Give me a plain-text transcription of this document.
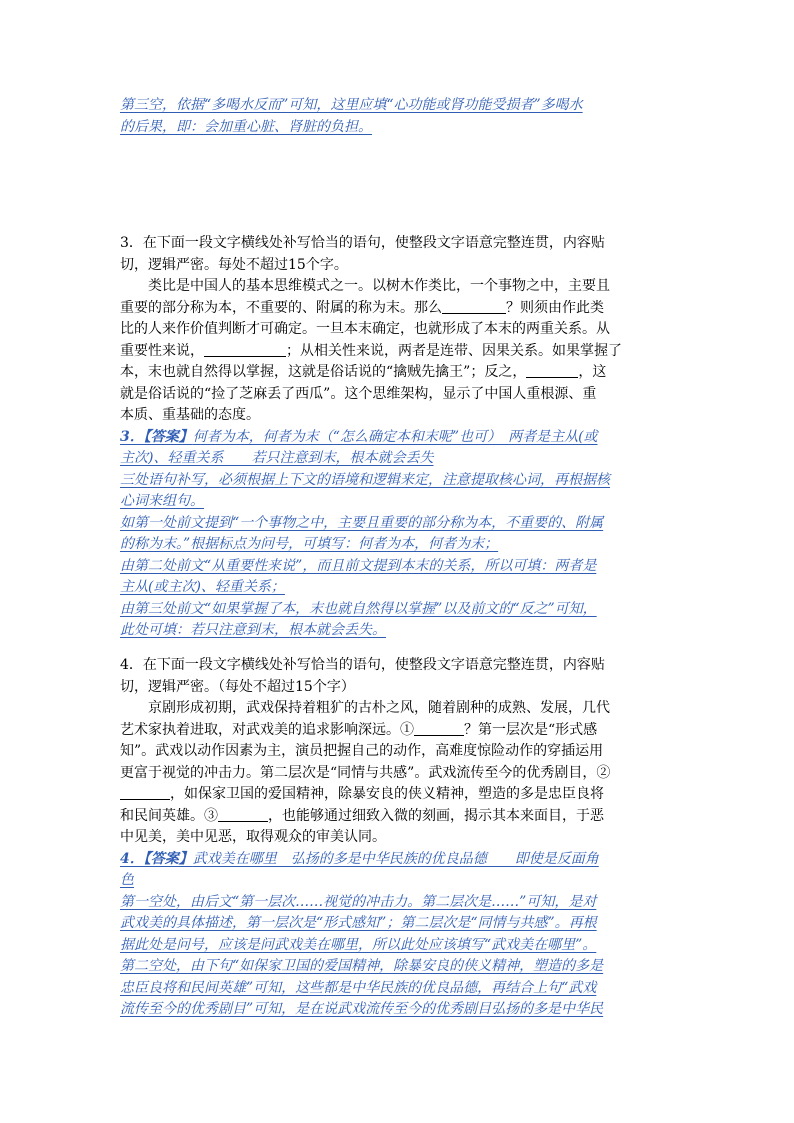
第三空，依据“多喝水反而”可知，这里应填“心功能或肾功能受损者”多喝水
的后果，即：会加重心脏、肾脏的负担。
3．在下面一段文字横线处补写恰当的语句，使整段文字语意完整连贯，内容贴
切，逻辑严密。每处不超过15个字。
类比是中国人的基本思维模式之一。以树木作类比，一个事物之中，主要且
重要的部分称为本，不重要的、附属的称为末。那么	？则须由作此类
比的人来作价值判断才可确定。一旦本末确定，也就形成了本末的两重关系。从
重要性来说，	；从相关性来说，两者是连带、因果关系。如果掌握了
本，末也就自然得以掌握，这就是俗话说的“擒贼先擒王”；反之，	，这
就是俗话说的“捡了芝麻丢了西瓜”。这个思维架构，显示了中国人重根源、重
本质、重基础的态度。
3．【答案】何者为本，何者为末（“怎么确定本和末呢”也可）　两者是主从(或
主次)、轻重关系　　若只注意到末，根本就会丢失
三处语句补写，必须根据上下文的语境和逻辑来定，注意提取核心词，再根据核
心词来组句。
如第一处前文提到“一个事物之中，主要且重要的部分称为本，不重要的、附属
的称为末。”根据标点为问号，可填写：何者为本，何者为末；
由第二处前文“从重要性来说”，而且前文提到本末的关系，所以可填：两者是
主从(或主次)、轻重关系；
由第三处前文“如果掌握了本，末也就自然得以掌握”以及前文的“反之”可知，
此处可填：若只注意到末，根本就会丢失。
4．在下面一段文字横线处补写恰当的语句，使整段文字语意完整连贯，内容贴
切，逻辑严密。（每处不超过15个字）
京剧形成初期，武戏保持着粗犷的古朴之风，随着剧种的成熟、发展，几代
艺术家执着进取，对武戏美的追求影响深远。①	？第一层次是“形式感
知”。武戏以动作因素为主，演员把握自己的动作，高难度惊险动作的穿插运用
更富于视觉的冲击力。第二层次是“同情与共感”。武戏流传至今的优秀剧目，②
，如保家卫国的爱国精神，除暴安良的侠义精神，塑造的多是忠臣良将
和民间英雄。③	，也能够通过细致入微的刻画，揭示其本来面目，于恶
中见美，美中见恶，取得观众的审美认同。
4．【答案】武戏美在哪里　弘扬的多是中华民族的优良品德　　即使是反面角
色
第一空处，由后文“第一层次……视觉的冲击力。第二层次是……”可知，是对
武戏美的具体描述，第一层次是“形式感知”；第二层次是“同情与共感”。再根
据此处是问号，应该是问武戏美在哪里，所以此处应该填写“武戏美在哪里”。
第二空处，由下句“如保家卫国的爱国精神，除暴安良的侠义精神，塑造的多是
忠臣良将和民间英雄”可知，这些都是中华民族的优良品德，再结合上句“武戏
流传至今的优秀剧目”可知，是在说武戏流传至今的优秀剧目弘扬的多是中华民
